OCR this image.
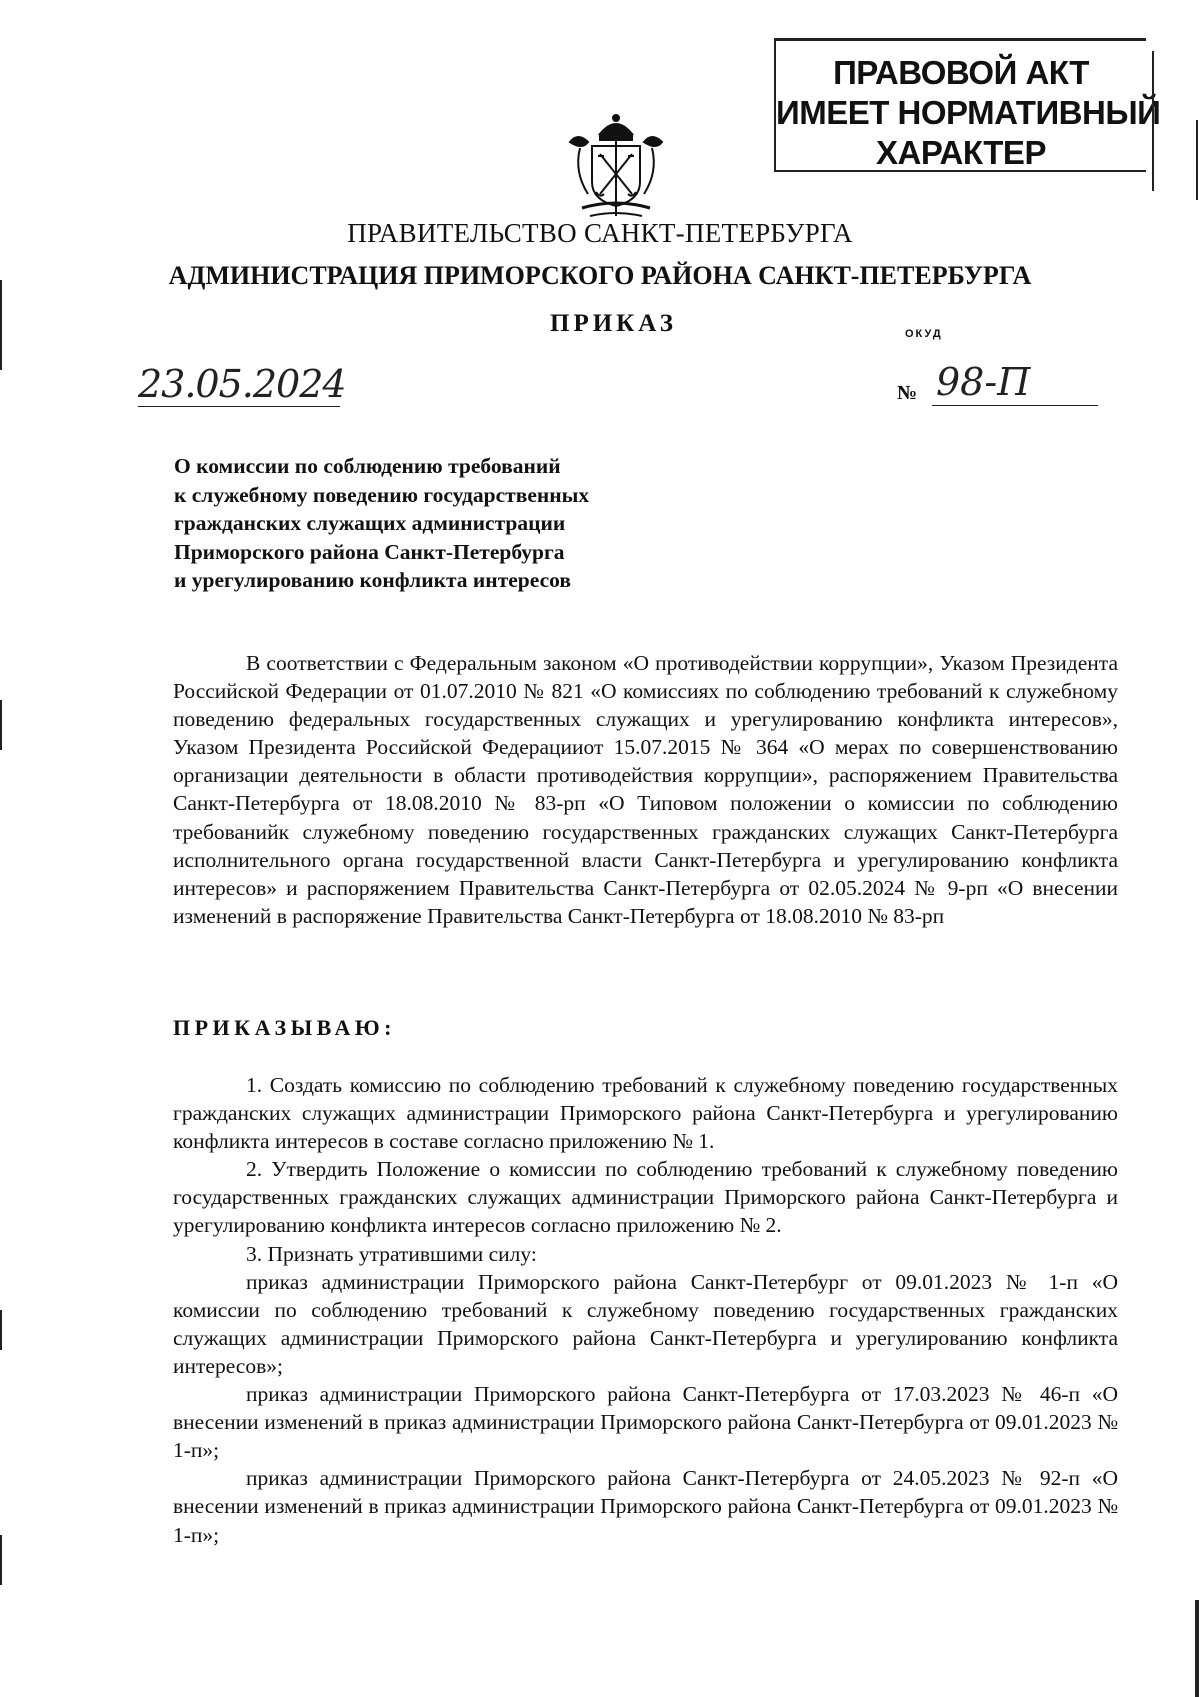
ПРАВОВОЙ АКТ
ИМЕЕТ НОРМАТИВНЫЙ
ХАРАКТЕР
ПРАВИТЕЛЬСТВО САНКТ-ПЕТЕРБУРГА
АДМИНИСТРАЦИЯ ПРИМОРСКОГО РАЙОНА САНКТ-ПЕТЕРБУРГА
ПРИКАЗ	ОКУД
23.05.2024	№ 98-П
О комиссии по соблюдению требований
к служебному поведению государственных
гражданских служащих администрации
Приморского района Санкт-Петербурга
и урегулированию конфликта интересов
В соответствии с Федеральным законом «О противодействии коррупции», Указом Президента Российской Федерации от 01.07.2010 № 821 «О комиссиях по соблюдению требований к служебному поведению федеральных государственных служащих и урегулированию конфликта интересов», Указом Президента Российской Федерацииот 15.07.2015 № 364 «О мерах по совершенствованию организации деятельности в области противодействия коррупции», распоряжением Правительства Санкт-Петербурга от 18.08.2010 № 83-рп «О Типовом положении о комиссии по соблюдению требованийк служебному поведению государственных гражданских служащих Санкт-Петербурга исполнительного органа государственной власти Санкт-Петербурга и урегулированию конфликта интересов» и распоряжением Правительства Санкт-Петербурга от 02.05.2024 № 9-рп «О внесении изменений в распоряжение Правительства Санкт-Петербурга от 18.08.2010 № 83-рп
ПРИКАЗЫВАЮ:

1. Создать комиссию по соблюдению требований к служебному поведению государственных гражданских служащих администрации Приморского района Санкт-Петербурга и урегулированию конфликта интересов в составе согласно приложению № 1.

2. Утвердить Положение о комиссии по соблюдению требований к служебному поведению государственных гражданских служащих администрации Приморского района Санкт-Петербурга и урегулированию конфликта интересов согласно приложению № 2.

3. Признать утратившими силу:

приказ администрации Приморского района Санкт-Петербург от 09.01.2023 № 1-п «О комиссии по соблюдению требований к служебному поведению государственных гражданских служащих администрации Приморского района Санкт-Петербурга и урегулированию конфликта интересов»;

приказ администрации Приморского района Санкт-Петербурга от 17.03.2023 № 46-п «О внесении изменений в приказ администрации Приморского района Санкт-Петербурга от 09.01.2023 № 1-п»;

приказ администрации Приморского района Санкт-Петербурга от 24.05.2023 № 92-п «О внесении изменений в приказ администрации Приморского района Санкт-Петербурга от 09.01.2023 № 1-п»;
